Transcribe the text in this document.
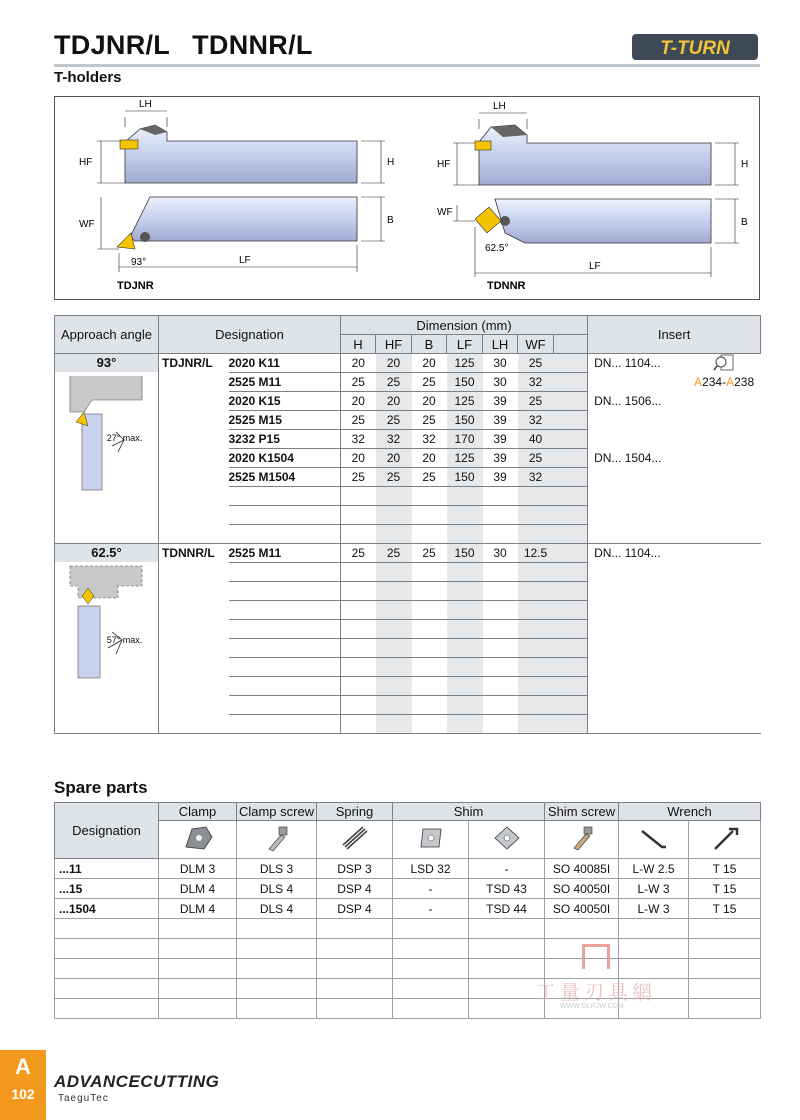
TDJNR/L TDNNR/L
T-holders
T-TURN
LH
HF	H
WF	B
93°	LF
TDJNR
LH
HF	H
WF
B
62.5°
LF
TDNNR
Approach angle	Designation		Dimension (mm)							Insert	
			H	HF	B	LF	LH	WF			

93°
27° max.	TDJNR/L	2020 K11	20	20	20	125	30	25		DN... 1104...	A234-A238

		2525 M11	25	25	25	150	30	32			
		2020 K15	20	20	20	125	39	25		DN... 1506...	
		2525 M15	25	25	25	150	39	32			
		3232 P15	32	32	32	170	39	40			
		2020 K1504	20	20	20	125	39	25		DN... 1504...	
		2525 M1504	25	25	25	150	39	32			

62.5°
57° max.	TDNNR/L	2525 M11	25	25	25	150	30	12.5		DN... 1104...	

Spare parts
Designation	Clamp	Clamp screw	Spring	Shim		Shim screw	Wrench	

...11	DLM 3	DLS 3	DSP 3	LSD 32	-	SO 40085I	L-W 2.5	T 15
...15	DLM 4	DLS 4	DSP 4	-	TSD 43	SO 40050I	L-W 3	T 15
...1504	DLM 4	DLS 4	DSP 4	-	TSD 44	SO 40050I	L-W 3	T 15

工量刃具網
WWW.GLRJW.COM
A
102
ADVANCECUTTING
TaeguTec
